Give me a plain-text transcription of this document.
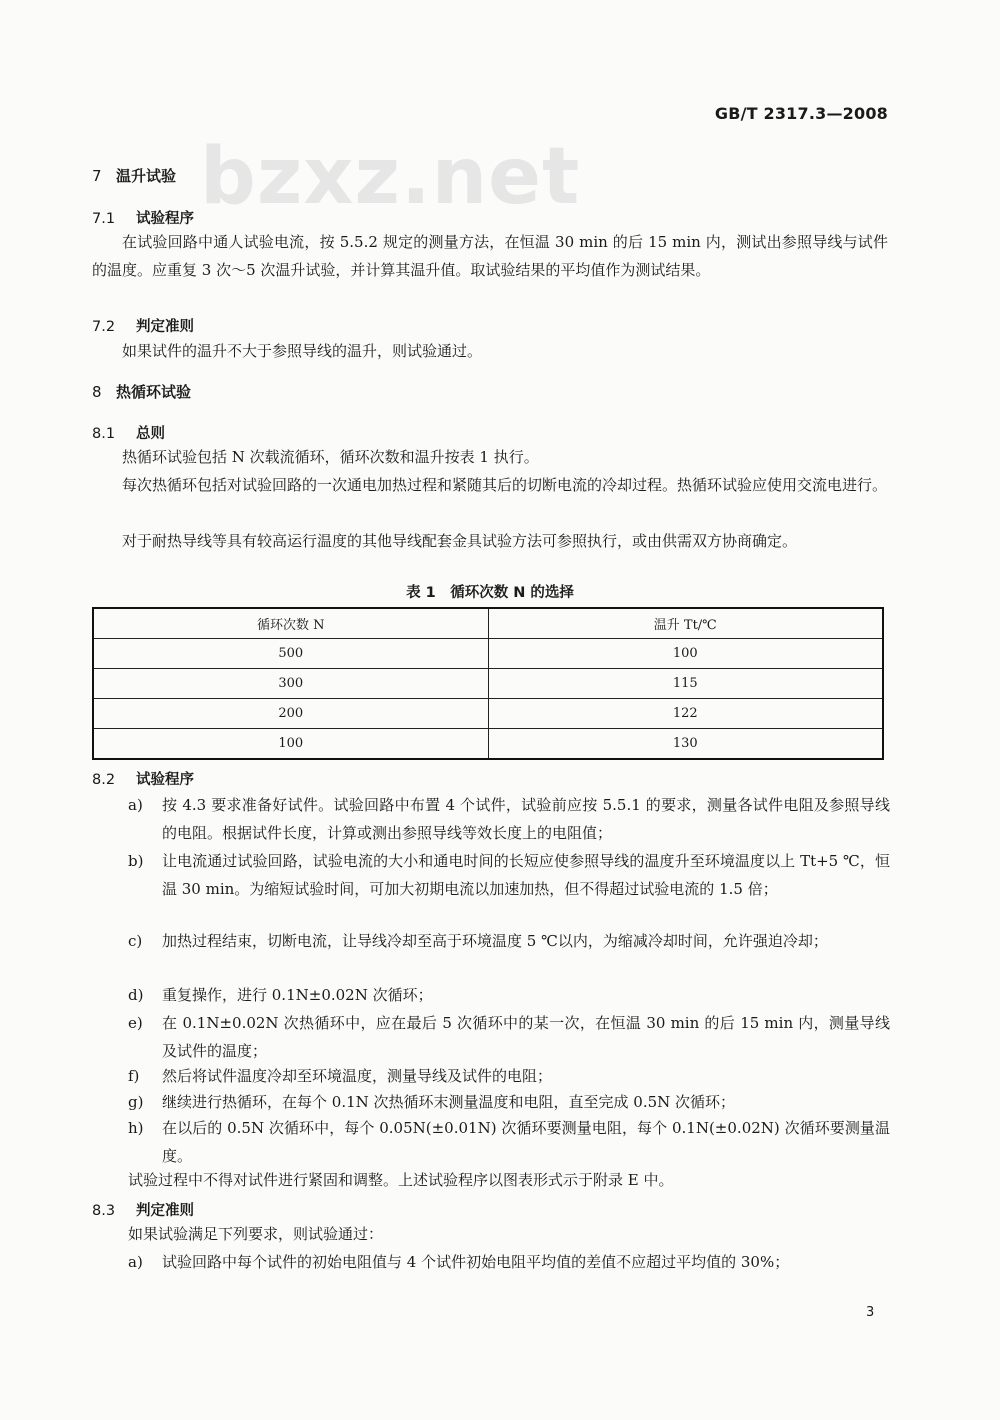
GB/T 2317.3—2008
bzxz.net
7 温升试验
7.1 试验程序
在试验回路中通人试验电流，按 5.5.2 规定的测量方法，在恒温 30 min 的后 15 min 内，测试出参照导线与试件的温度。应重复 3 次～5 次温升试验，并计算其温升值。取试验结果的平均值作为测试结果。
7.2 判定准则
如果试件的温升不大于参照导线的温升，则试验通过。
8 热循环试验
8.1 总则
热循环试验包括 N 次载流循环，循环次数和温升按表 1 执行。
每次热循环包括对试验回路的一次通电加热过程和紧随其后的切断电流的冷却过程。热循环试验应使用交流电进行。
对于耐热导线等具有较高运行温度的其他导线配套金具试验方法可参照执行，或由供需双方协商确定。
表 1　循环次数 N 的选择
循环次数 N	温升 Tt/℃
500	100
300	115
200	122
100	130
8.2 试验程序
a) 按 4.3 要求准备好试件。试验回路中布置 4 个试件，试验前应按 5.5.1 的要求，测量各试件电阻及参照导线的电阻。根据试件长度，计算或测出参照导线等效长度上的电阻值；
b) 让电流通过试验回路，试验电流的大小和通电时间的长短应使参照导线的温度升至环境温度以上 Tt+5 ℃，恒温 30 min。为缩短试验时间，可加大初期电流以加速加热，但不得超过试验电流的 1.5 倍；
c) 加热过程结束，切断电流，让导线冷却至高于环境温度 5 ℃以内，为缩减冷却时间，允许强迫冷却；
d) 重复操作，进行 0.1N±0.02N 次循环；
e) 在 0.1N±0.02N 次热循环中，应在最后 5 次循环中的某一次，在恒温 30 min 的后 15 min 内，测量导线及试件的温度；
f) 然后将试件温度冷却至环境温度，测量导线及试件的电阻；
g) 继续进行热循环，在每个 0.1N 次热循环末测量温度和电阻，直至完成 0.5N 次循环；
h) 在以后的 0.5N 次循环中，每个 0.05N(±0.01N) 次循环要测量电阻，每个 0.1N(±0.02N) 次循环要测量温度。
试验过程中不得对试件进行紧固和调整。上述试验程序以图表形式示于附录 E 中。
8.3 判定准则
如果试验满足下列要求，则试验通过：
a) 试验回路中每个试件的初始电阻值与 4 个试件初始电阻平均值的差值不应超过平均值的 30%；
3
